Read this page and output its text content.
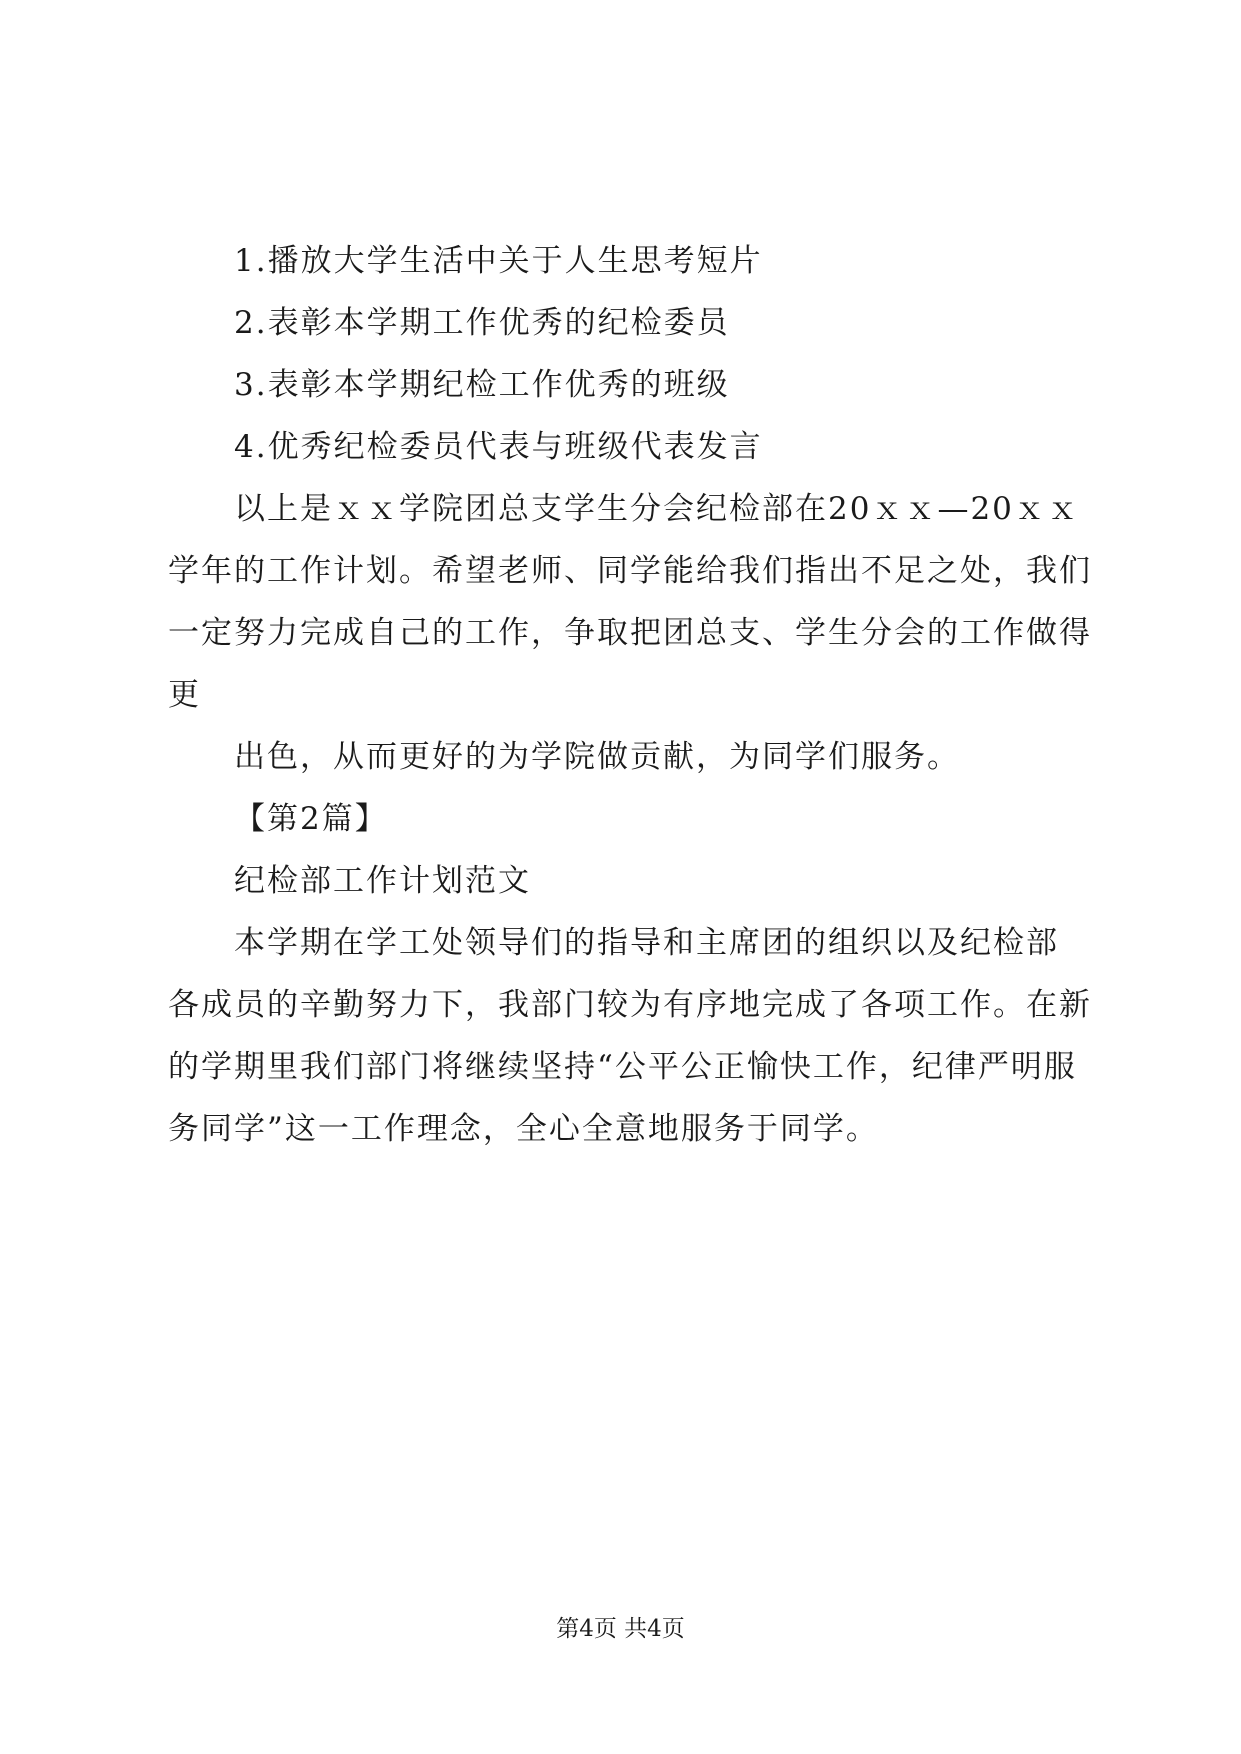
1.播放大学生活中关于人生思考短片
2.表彰本学期工作优秀的纪检委员
3.表彰本学期纪检工作优秀的班级
4.优秀纪检委员代表与班级代表发言
以上是ｘｘ学院团总支学生分会纪检部在20ｘｘ—20ｘｘ
学年的工作计划。希望老师、同学能给我们指出不足之处，我们
一定努力完成自己的工作，争取把团总支、学生分会的工作做得
更
出色，从而更好的为学院做贡献，为同学们服务。
【第2篇】
纪检部工作计划范文
本学期在学工处领导们的指导和主席团的组织以及纪检部
各成员的辛勤努力下，我部门较为有序地完成了各项工作。在新
的学期里我们部门将继续坚持“公平公正愉快工作，纪律严明服
务同学”这一工作理念，全心全意地服务于同学。
第4页 共4页
